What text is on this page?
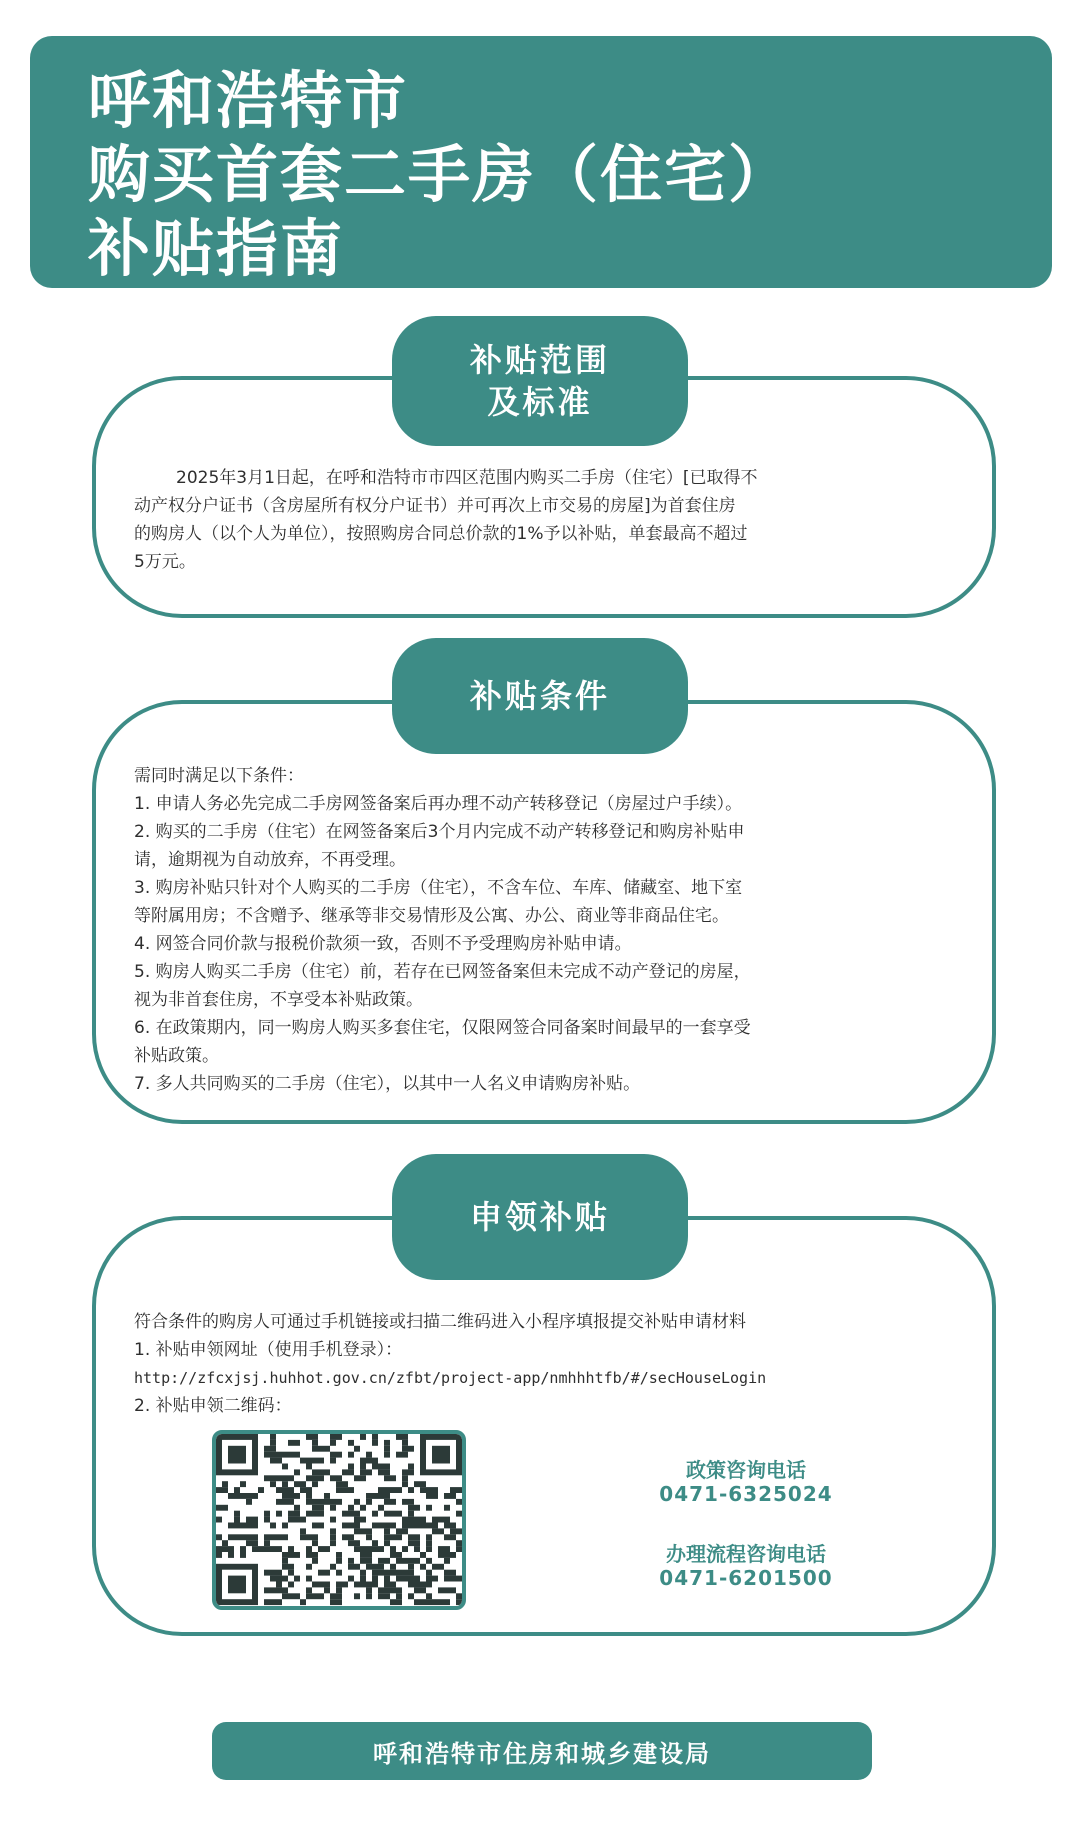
呼和浩特市
购买首套二手房（住宅）
补贴指南
补贴范围
及标准

2025年3月1日起，在呼和浩特市市四区范围内购买二手房（住宅）[已取得不

动产权分户证书（含房屋所有权分户证书）并可再次上市交易的房屋]为首套住房

的购房人（以个人为单位），按照购房合同总价款的1%予以补贴，单套最高不超过

5万元。

补贴条件

需同时满足以下条件：

1. 申请人务必先完成二手房网签备案后再办理不动产转移登记（房屋过户手续）。

2. 购买的二手房（住宅）在网签备案后3个月内完成不动产转移登记和购房补贴申

请，逾期视为自动放弃，不再受理。

3. 购房补贴只针对个人购买的二手房（住宅），不含车位、车库、储藏室、地下室

等附属用房；不含赠予、继承等非交易情形及公寓、办公、商业等非商品住宅。

4. 网签合同价款与报税价款须一致，否则不予受理购房补贴申请。

5. 购房人购买二手房（住宅）前，若存在已网签备案但未完成不动产登记的房屋，

视为非首套住房，不享受本补贴政策。

6. 在政策期内，同一购房人购买多套住宅，仅限网签合同备案时间最早的一套享受

补贴政策。

7. 多人共同购买的二手房（住宅），以其中一人名义申请购房补贴。

申领补贴

符合条件的购房人可通过手机链接或扫描二维码进入小程序填报提交补贴申请材料

1. 补贴申领网址（使用手机登录）：

http://zfcxjsj.huhhot.gov.cn/zfbt/project-app/nmhhhtfb/#/secHouseLogin

2. 补贴申领二维码：

政策咨询电话
0471-6325024
办理流程咨询电话
0471-6201500
呼和浩特市住房和城乡建设局
